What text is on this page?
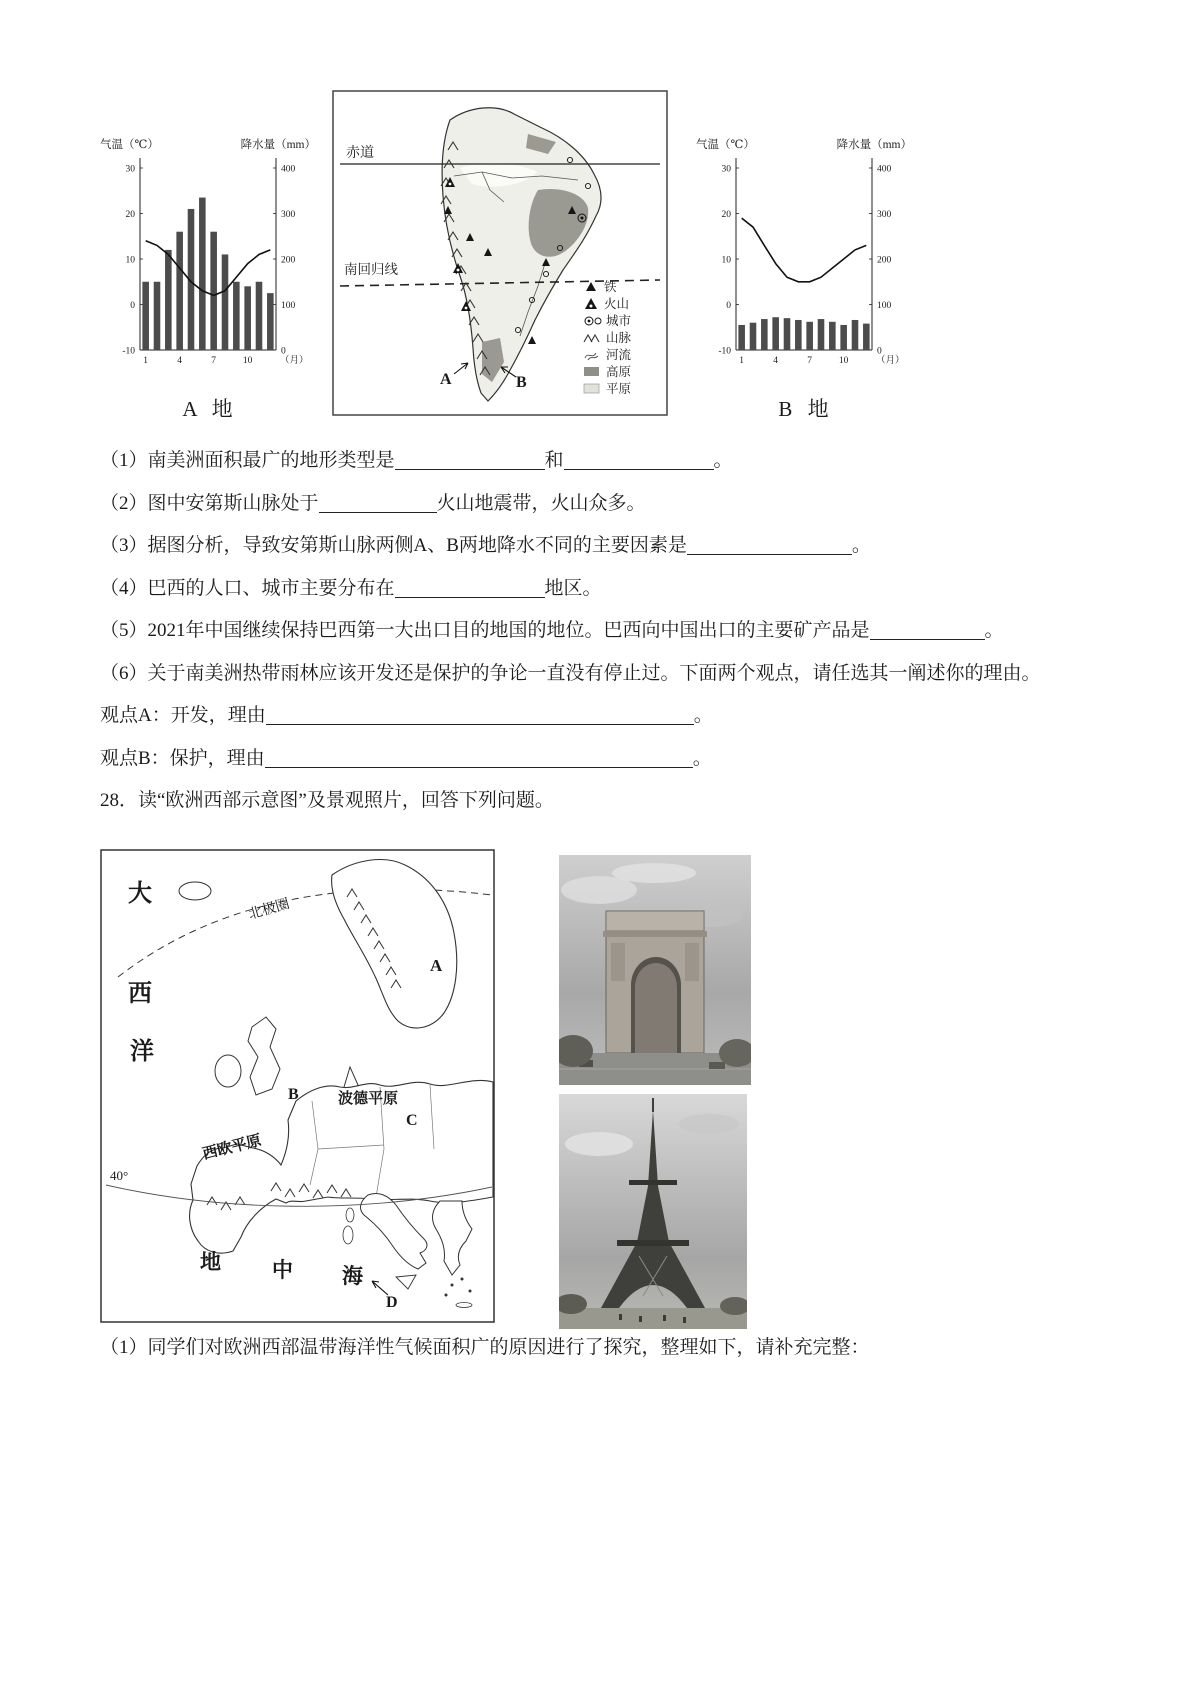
气温（℃）	降水量（mm）
30
20
10
0
-10
400
300
200
100
0
1	4	7	10	（月）
A 地
赤道
南回归线
A	B
铁
火山
城市
山脉
河流
高原
平原
气温（℃）	降水量（mm）
30
20
10
0
-10
400
300
200
100
0
1	4	7	10	（月）
B 地

（1）南美洲面积最广的地形类型是	和	。

（2）图中安第斯山脉处于	火山地震带，火山众多。

（3）据图分析，导致安第斯山脉两侧A、B两地降水不同的主要因素是	。

（4）巴西的人口、城市主要分布在	地区。

（5）2021年中国继续保持巴西第一大出口目的地国的地位。巴西向中国出口的主要矿产品是	。

（6）关于南美洲热带雨林应该开发还是保护的争论一直没有停止过。下面两个观点，请任选其一阐述你的理由。

观点A：开发，理由	。

观点B：保护，理由	。

28．读“欧洲西部示意图”及景观照片，回答下列问题。

北极圈
A
40°
大
西
洋
B	波德平原
C
西欧平原
地 中 海
D

（1）同学们对欧洲西部温带海洋性气候面积广的原因进行了探究，整理如下，请补充完整：
